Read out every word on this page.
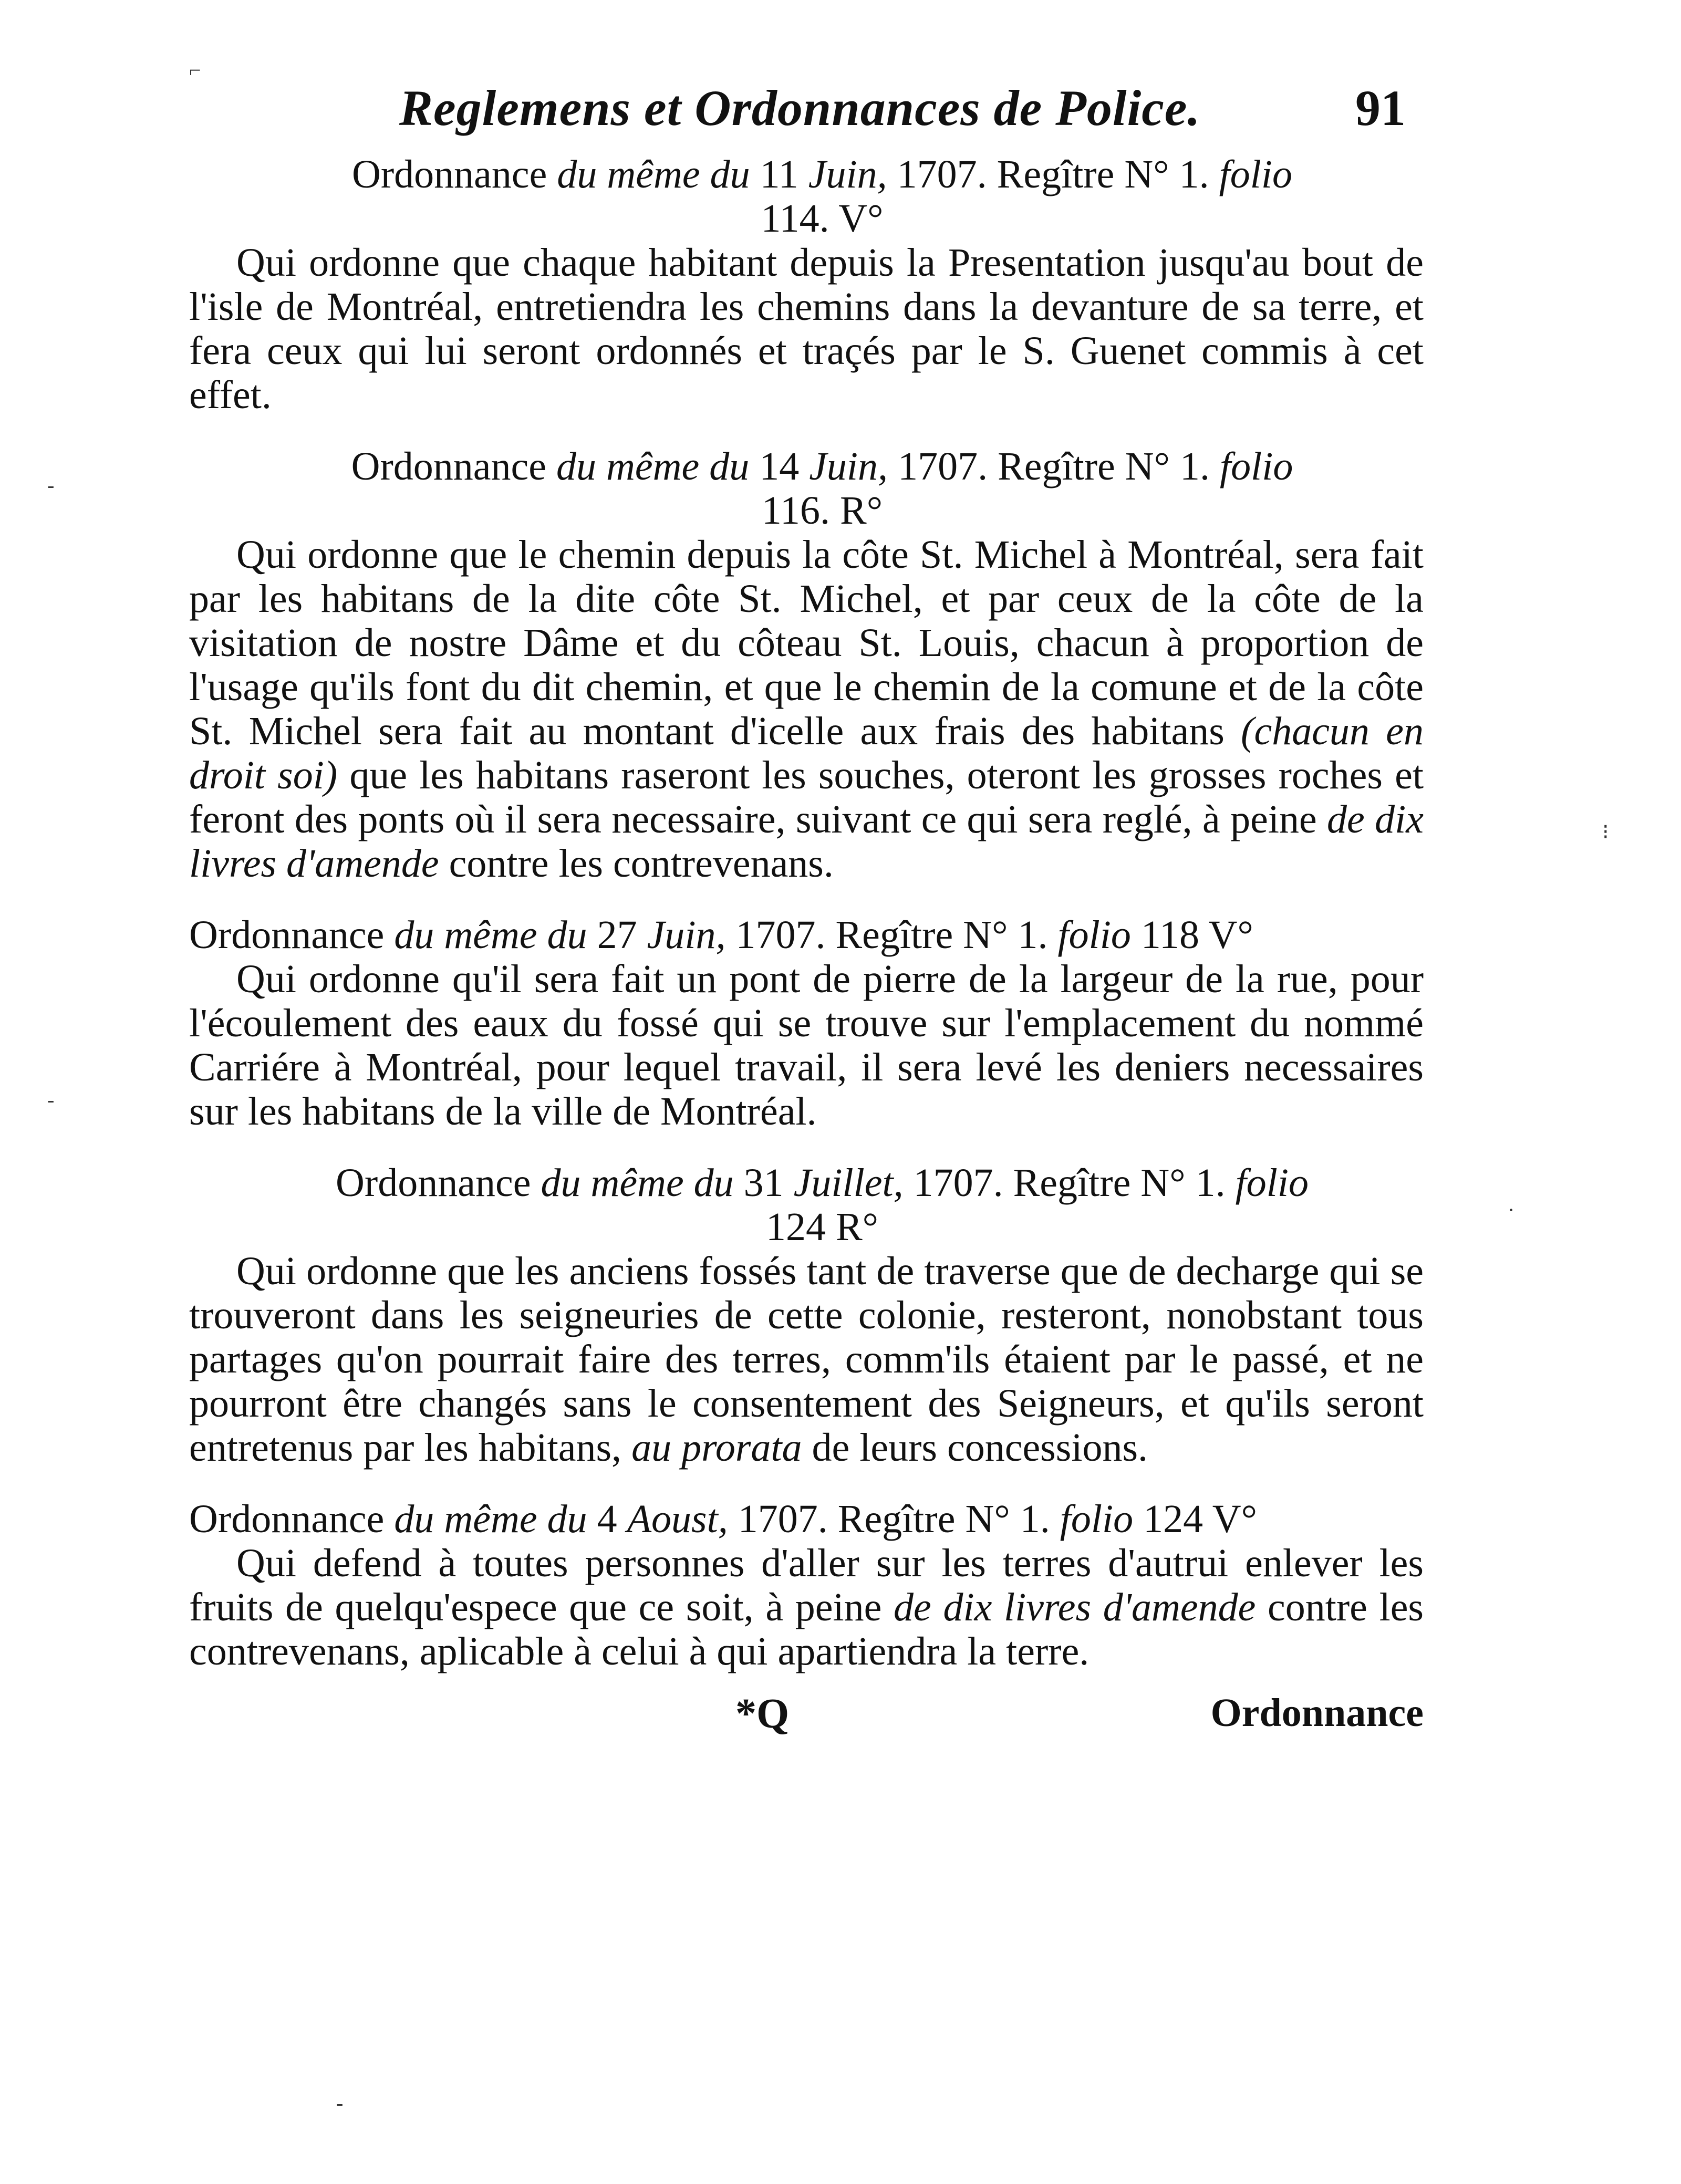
Reglemens et Ordonnances de Police.	91
Ordonnance du même du 11 Juin, 1707. Regître N° 1. folio
114. V°
Qui ordonne que chaque habitant depuis la Presentation jusqu'au bout de l'isle de Montréal, entretiendra les chemins dans la devanture de sa terre, et fera ceux qui lui seront ordonnés et traçés par le S. Guenet commis à cet effet.
Ordonnance du même du 14 Juin, 1707. Regître N° 1. folio
116. R°
Qui ordonne que le chemin depuis la côte St. Michel à Montréal, sera fait par les habitans de la dite côte St. Michel, et par ceux de la côte de la visitation de nostre Dâme et du côteau St. Louis, chacun à proportion de l'usage qu'ils font du dit chemin, et que le chemin de la comune et de la côte St. Michel sera fait au montant d'icelle aux frais des habitans (chacun en droit soi) que les habitans raseront les souches, oteront les grosses roches et feront des ponts où il sera necessaire, suivant ce qui sera reglé, à peine de dix livres d'amende contre les contrevenans.
Ordonnance du même du 27 Juin, 1707. Regître N° 1. folio 118 V°
Qui ordonne qu'il sera fait un pont de pierre de la largeur de la rue, pour l'écoulement des eaux du fossé qui se trouve sur l'emplacement du nommé Carriére à Montréal, pour lequel travail, il sera levé les deniers necessaires sur les habitans de la ville de Montréal.
Ordonnance du même du 31 Juillet, 1707. Regître N° 1. folio
124 R°
Qui ordonne que les anciens fossés tant de traverse que de decharge qui se trouveront dans les seigneuries de cette colonie, resteront, nonobstant tous partages qu'on pourrait faire des terres, comm'ils étaient par le passé, et ne pourront être changés sans le consentement des Seigneurs, et qu'ils seront entretenus par les habitans, au prorata de leurs concessions.
Ordonnance du même du 4 Aoust, 1707. Regître N° 1. folio 124 V°
Qui defend à toutes personnes d'aller sur les terres d'autrui enlever les fruits de quelqu'espece que ce soit, à peine de dix livres d'amende contre les contrevenans, aplicable à celui à qui apartiendra la terre.
*Q	Ordonnance
⌐
-
-
⁝
·
-
